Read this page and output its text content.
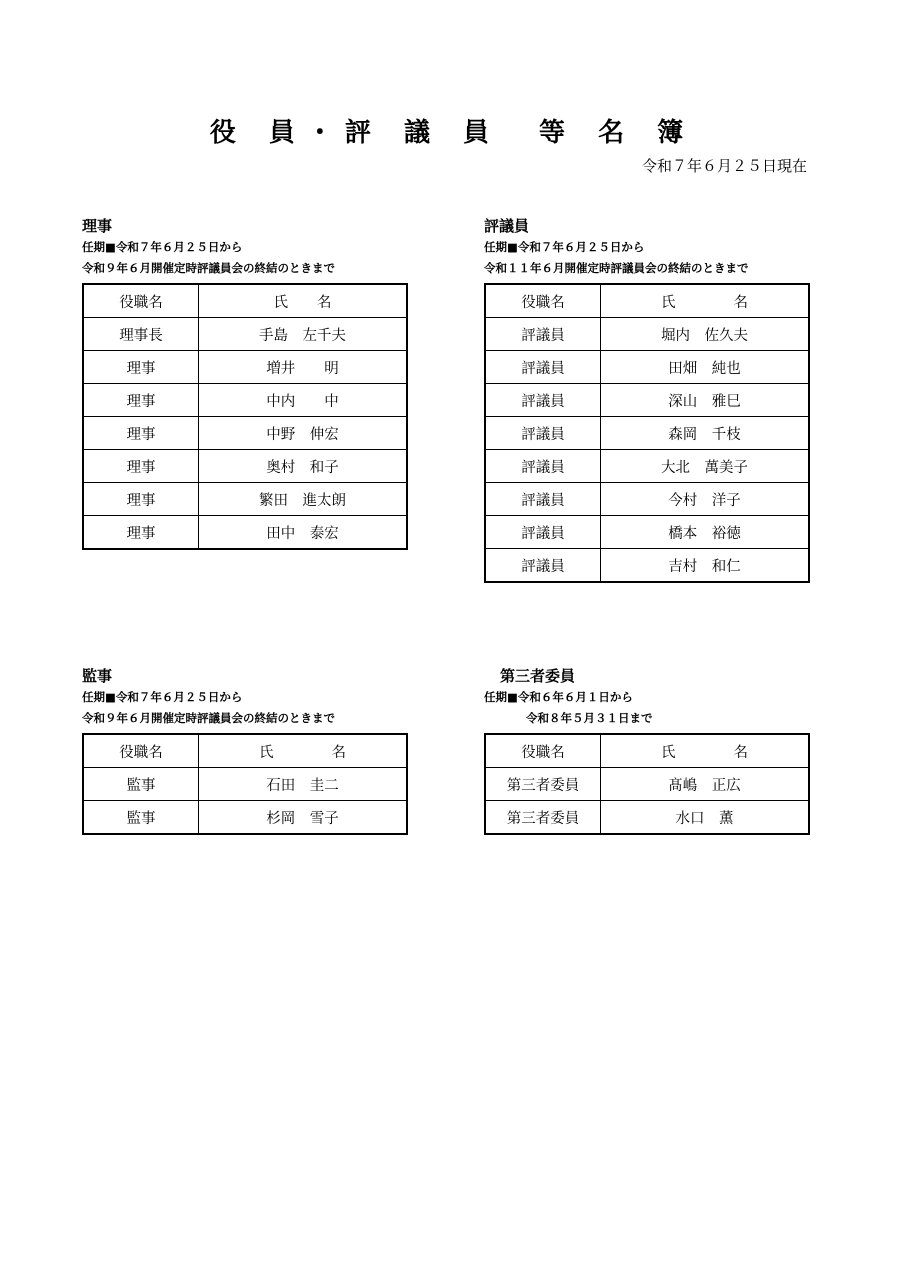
役 員・評 議 員　等 名 簿
令和７年６月２５日現在
理事
任期■令和７年６月２５日から
令和９年６月開催定時評議員会の終結のときまで
役職名	氏　　名
理事長	手島　左千夫
理事	増井　　明
理事	中内　　中
理事	中野　伸宏
理事	奥村　和子
理事	繁田　進太朗
理事	田中　泰宏
評議員
任期■令和７年６月２５日から
令和１１年６月開催定時評議員会の終結のときまで
役職名	氏　　　　名
評議員	堀内　佐久夫
評議員	田畑　純也
評議員	深山　雅巳
評議員	森岡　千枝
評議員	大北　萬美子
評議員	今村　洋子
評議員	橋本　裕徳
評議員	吉村　和仁
監事
任期■令和７年６月２５日から
令和９年６月開催定時評議員会の終結のときまで
役職名	氏　　　　名
監事	石田　圭二
監事	杉岡　雪子
第三者委員
任期■令和６年６月１日から
令和８年５月３１日まで
役職名	氏　　　　名
第三者委員	髙嶋　正広
第三者委員	水口　薫
